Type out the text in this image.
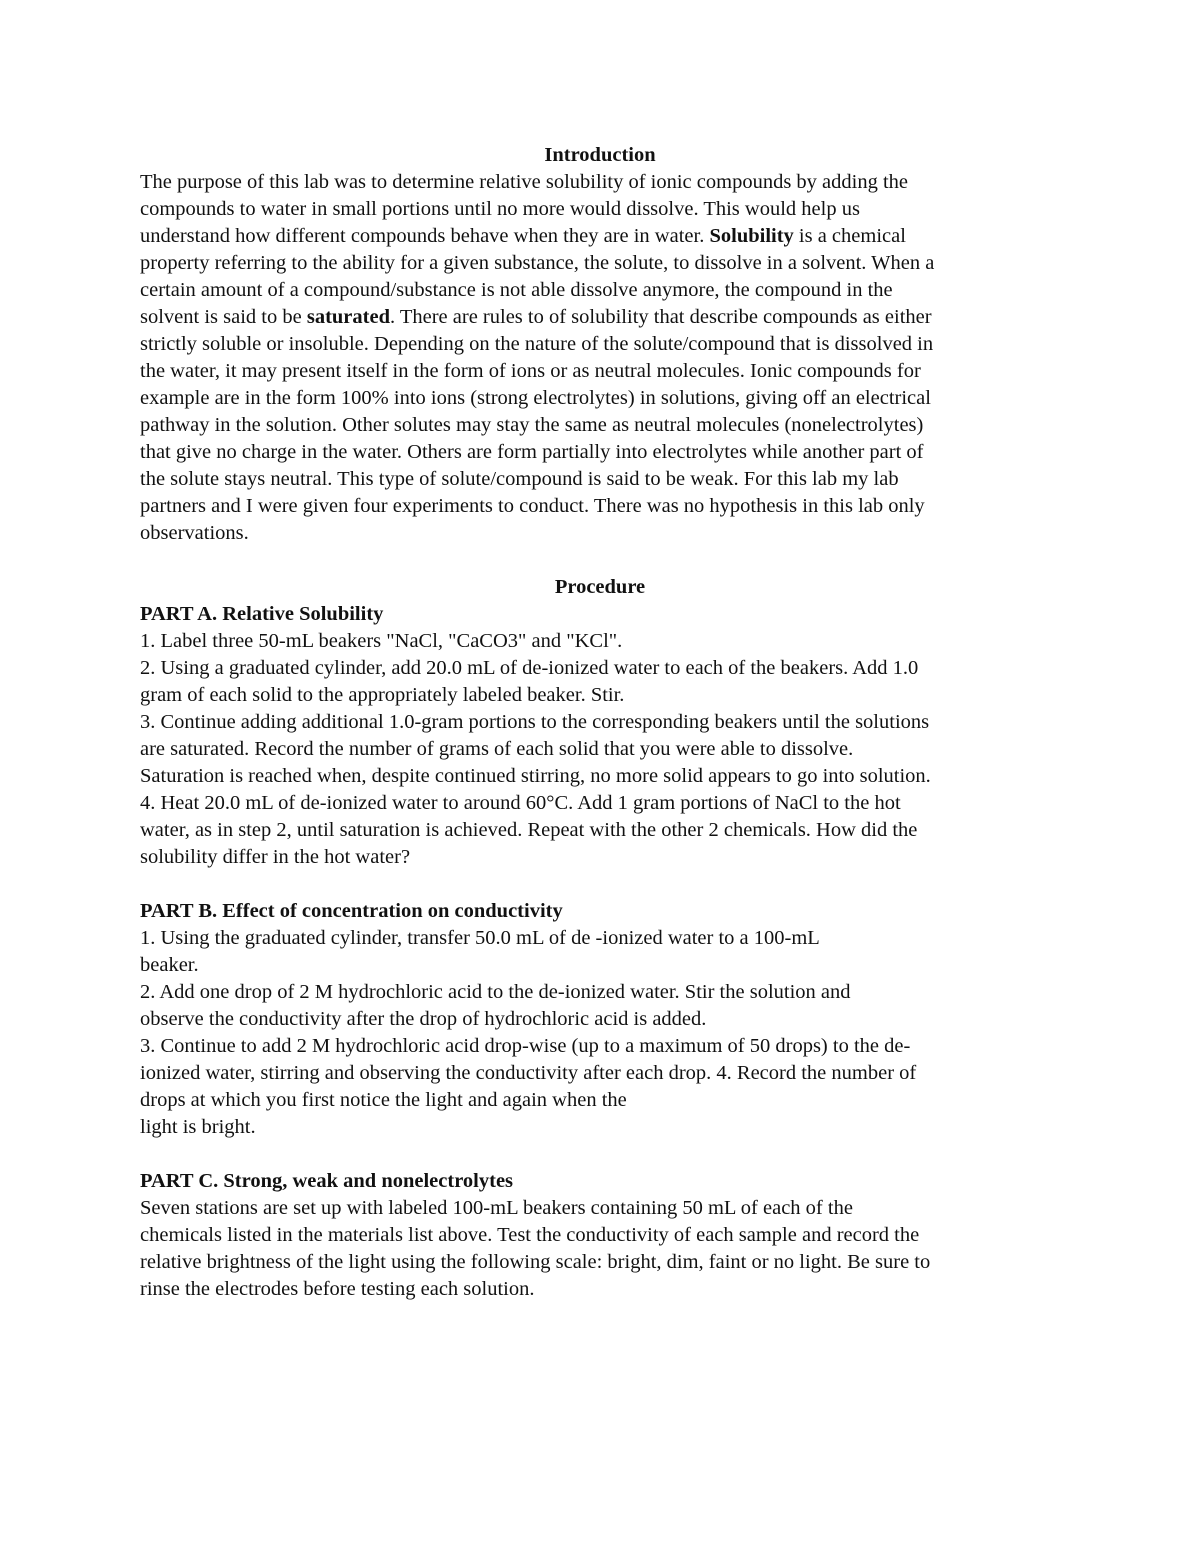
Introduction

The purpose of this lab was to determine relative solubility of ionic compounds by adding the
compounds to water in small portions until no more would dissolve. This would help us
understand how different compounds behave when they are in water. Solubility is a chemical
property referring to the ability for a given substance, the solute, to dissolve in a solvent. When a
certain amount of a compound/substance is not able dissolve anymore, the compound in the
solvent is said to be saturated. There are rules to of solubility that describe compounds as either
strictly soluble or insoluble. Depending on the nature of the solute/compound that is dissolved in
the water, it may present itself in the form of ions or as neutral molecules. Ionic compounds for
example are in the form 100% into ions (strong electrolytes) in solutions, giving off an electrical
pathway in the solution. Other solutes may stay the same as neutral molecules (nonelectrolytes)
that give no charge in the water. Others are form partially into electrolytes while another part of
the solute stays neutral. This type of solute/compound is said to be weak. For this lab my lab
partners and I were given four experiments to conduct. There was no hypothesis in this lab only
observations.

Procedure

PART A. Relative Solubility

1. Label three 50-mL beakers "NaCl, "CaCO3" and "KCl".
2. Using a graduated cylinder, add 20.0 mL of de-ionized water to each of the beakers. Add 1.0
gram of each solid to the appropriately labeled beaker. Stir.
3. Continue adding additional 1.0-gram portions to the corresponding beakers until the solutions
are saturated. Record the number of grams of each solid that you were able to dissolve.
Saturation is reached when, despite continued stirring, no more solid appears to go into solution.
4. Heat 20.0 mL of de-ionized water to around 60°C. Add 1 gram portions of NaCl to the hot
water, as in step 2, until saturation is achieved. Repeat with the other 2 chemicals. How did the
solubility differ in the hot water?

PART B. Effect of concentration on conductivity

1. Using the graduated cylinder, transfer 50.0 mL of de -ionized water to a 100-mL
beaker.
2. Add one drop of 2 M hydrochloric acid to the de-ionized water. Stir the solution and
observe the conductivity after the drop of hydrochloric acid is added.
3. Continue to add 2 M hydrochloric acid drop-wise (up to a maximum of 50 drops) to the de-
ionized water, stirring and observing the conductivity after each drop. 4. Record the number of
drops at which you first notice the light and again when the
light is bright.

PART C. Strong, weak and nonelectrolytes

Seven stations are set up with labeled 100-mL beakers containing 50 mL of each of the
chemicals listed in the materials list above. Test the conductivity of each sample and record the
relative brightness of the light using the following scale: bright, dim, faint or no light. Be sure to
rinse the electrodes before testing each solution.
